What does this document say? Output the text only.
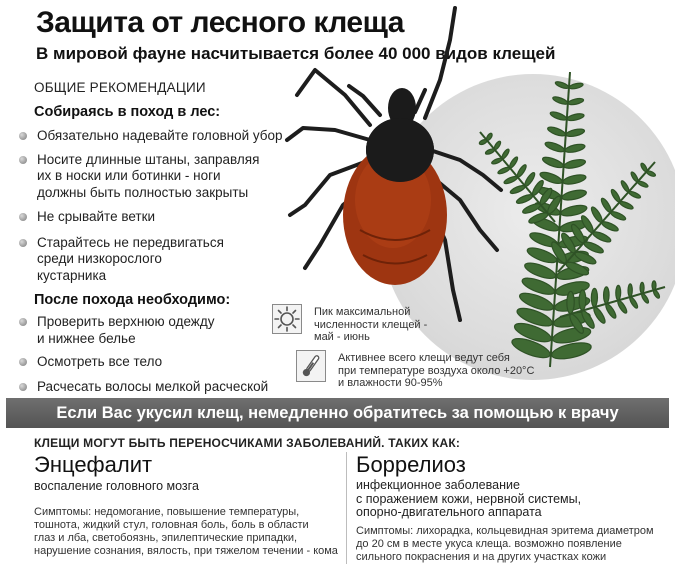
Защита от лесного клеща
В мировой фауне насчитывается более 40 000 видов клещей
ОБЩИЕ РЕКОМЕНДАЦИИ
Собираясь в поход в лес:
Обязательно надевайте головной убор
Носите длинные штаны, заправляя
их в носки или ботинки - ноги
должны быть полностью закрыты
Не срывайте ветки
Старайтесь не передвигаться
среди низкорослого
кустарника
После похода необходимо:
Проверить верхнюю одежду
и нижнее белье
Осмотреть все тело
Расчесать волосы мелкой расческой
Пик максимальной
численности клещей -
май - июнь
Активнее всего клещи ведут себя
при температуре воздуха около +20°C
и влажности 90-95%
Если Вас укусил клещ, немедленно обратитесь за помощью к врачу
КЛЕЩИ МОГУТ БЫТЬ ПЕРЕНОСЧИКАМИ ЗАБОЛЕВАНИЙ. ТАКИХ КАК:
Энцефалит
воспаление головного мозга
Симптомы: недомогание, повышение температуры,
тошнота, жидкий стул, головная боль, боль в области
глаз и лба, светобоязнь, эпилептические припадки,
нарушение сознания, вялость, при тяжелом течении - кома
Боррелиоз
инфекционное заболевание
с поражением кожи, нервной системы,
опорно-двигательного аппарата
Симптомы: лихорадка, кольцевидная эритема диаметром
до 20 см в месте укуса клеща. возможно появление
сильного покраснения и на других участках кожи
